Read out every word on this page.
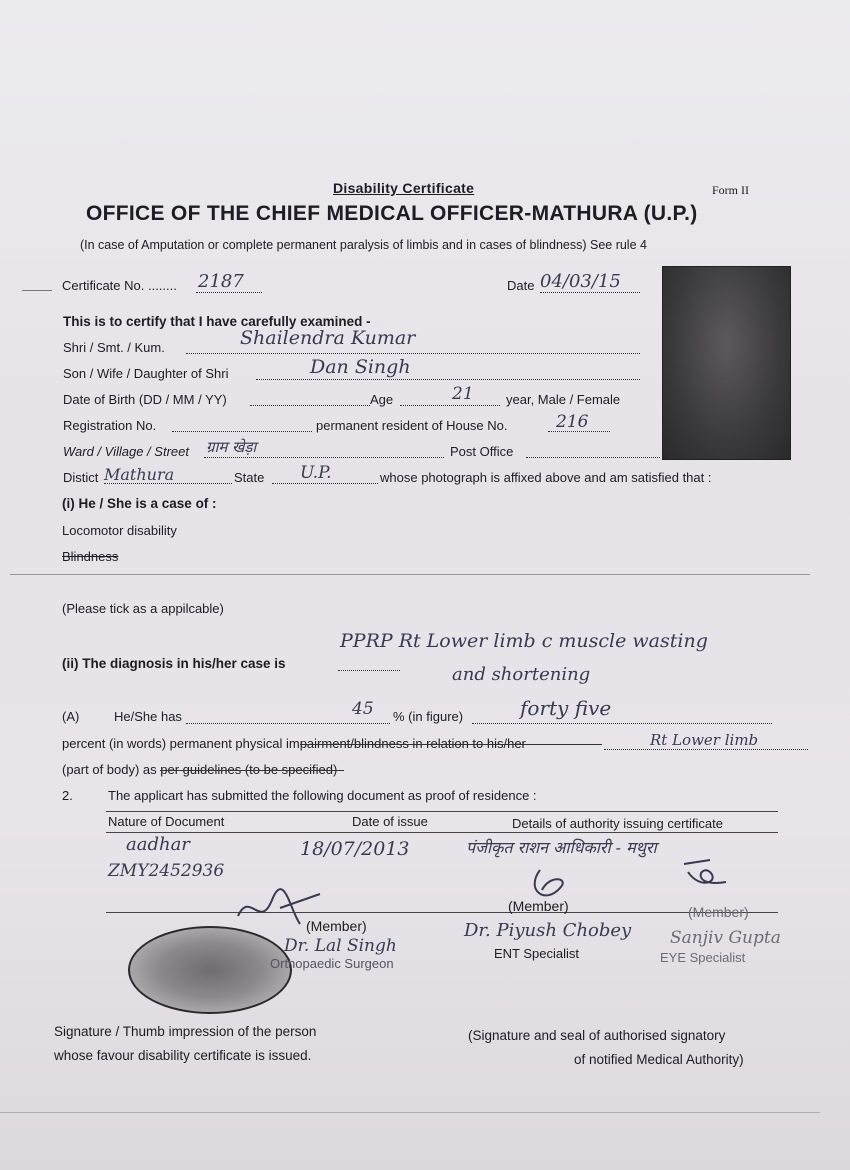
Disability Certificate	Form II
OFFICE OF THE CHIEF MEDICAL OFFICER-MATHURA (U.P.)
(In case of Amputation or complete permanent paralysis of limbis and in cases of blindness) See rule 4
Certificate No. ........ 2187	Date 04/03/15
This is to certify that I have carefully examined -
Shri / Smt. / Kum.	Shailendra Kumar
Son / Wife / Daughter of Shri	Dan Singh
Date of Birth (DD / MM / YY)	Age	21 year, Male / Female
Registration No.	permanent resident of House No.	216
Ward / Village / Street ग्राम खेड़ा	Post Office
Distict Mathura	State U.P.	whose photograph is affixed above and am satisfied that :
(i) He / She is a case of :
Locomotor disability
Blindness
(Please tick as a appilcable)
(ii) The diagnosis in his/her case is
PPRP Rt Lower limb c muscle wasting
and shortening
(A)	He/She has	45 % (in figure)	forty five
percent (in words) permanent physical impairment/blindness in relation to his/her	Rt Lower limb
(part of body) as per guidelines (to be specified)
2.	The applicart has submitted the following document as proof of residence :
Nature of Document	Date of issue	Details of authority issuing certificate
aadhar	18/07/2013	पंजीकृत राशन आधिकारी - मथुरा
ZMY2452936
(Member)
Dr. Lal Singh
Orthopaedic Surgeon
(Member)
Dr. Piyush Chobey
ENT Specialist
(Member)
Sanjiv Gupta
EYE Specialist
Signature / Thumb impression of the person
whose favour disability certificate is issued.
(Signature and seal of authorised signatory
of notified Medical Authority)
